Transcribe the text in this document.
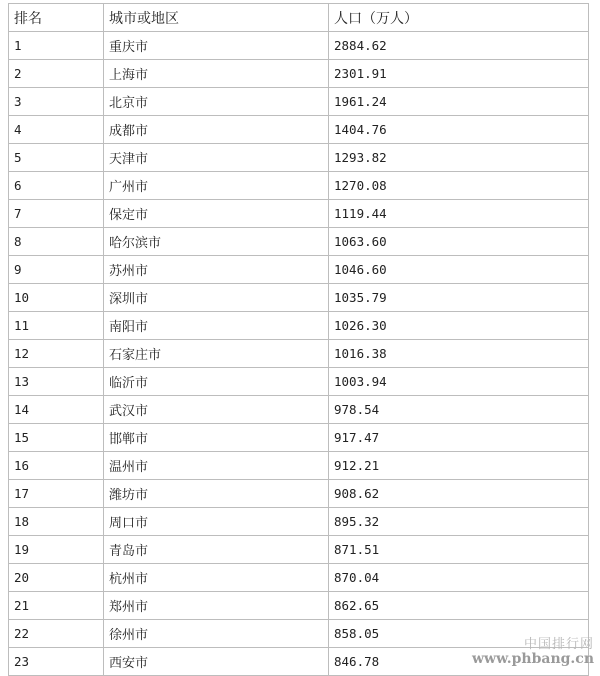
排名	城市或地区	人口（万人）
1	重庆市	2884.62
2	上海市	2301.91
3	北京市	1961.24
4	成都市	1404.76
5	天津市	1293.82
6	广州市	1270.08
7	保定市	1119.44
8	哈尔滨市	1063.60
9	苏州市	1046.60
10	深圳市	1035.79
11	南阳市	1026.30
12	石家庄市	1016.38
13	临沂市	1003.94
14	武汉市	978.54
15	邯郸市	917.47
16	温州市	912.21
17	潍坊市	908.62
18	周口市	895.32
19	青岛市	871.51
20	杭州市	870.04
21	郑州市	862.65
22	徐州市	858.05
23	西安市	846.78
中国排行网
www.phbang.cn
